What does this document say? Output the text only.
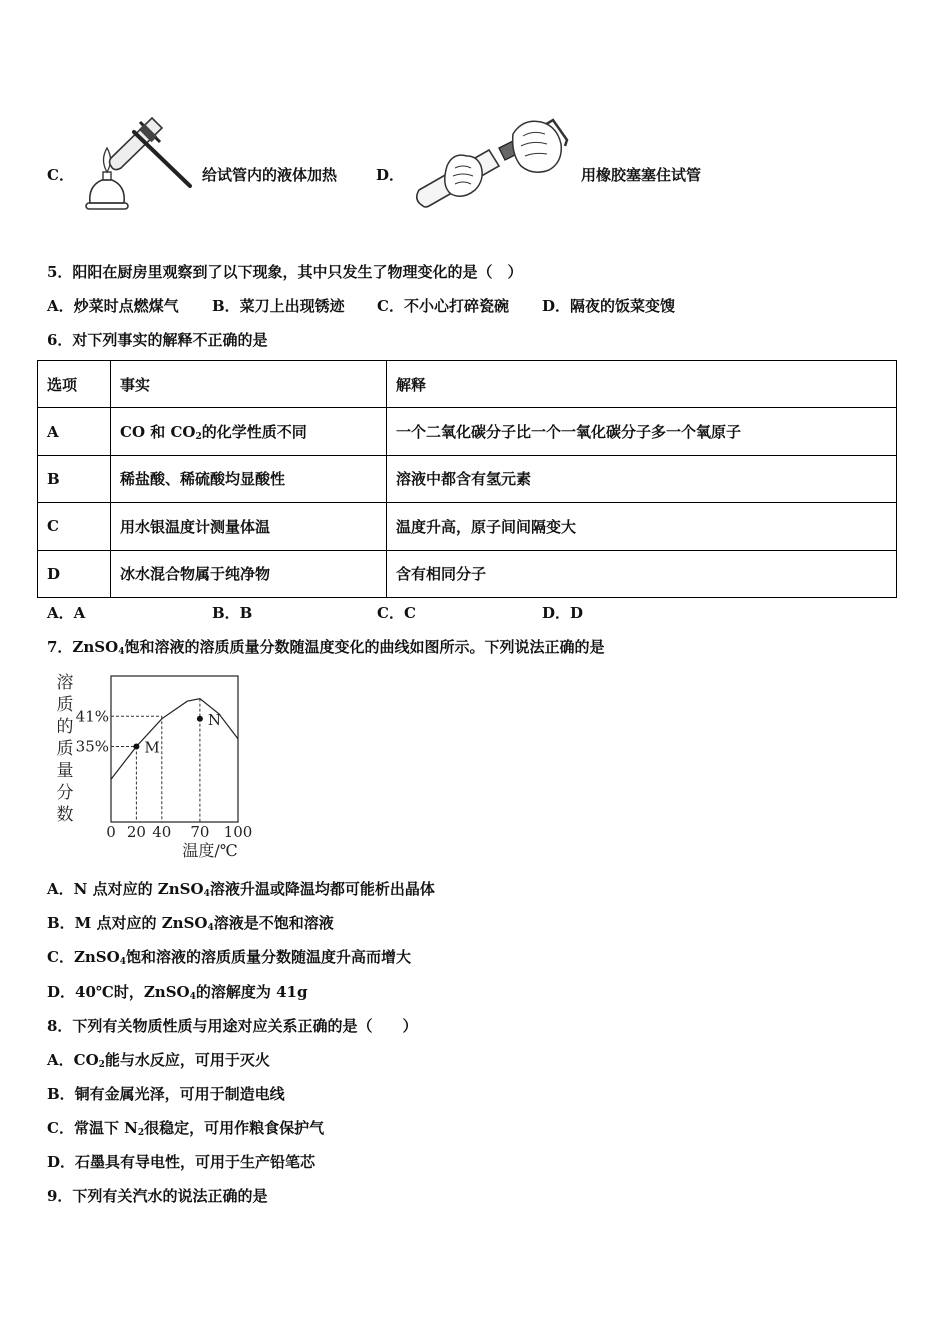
C．	给试管内的液体加热	D．	用橡胶塞塞住试管
5．阳阳在厨房里观察到了以下现象，其中只发生了物理变化的是（　）
A．炒菜时点燃煤气 B．菜刀上出现锈迹 C．不小心打碎瓷碗 D．隔夜的饭菜变馊
6．对下列事实的解释不正确的是
选项	事实	解释
A	CO 和 $CO_2$的化学性质不同	一个二氧化碳分子比一个一氧化碳分子多一个氧原子
B	稀盐酸、稀硫酸均显酸性	溶液中都含有氢元素
C	用水银温度计测量体温	温度升高，原子间间隔变大
D	冰水混合物属于纯净物	含有相同分子
A．A	B．B	C．C	D．D
7．ZnSO$_4$饱和溶液的溶质质量分数随温度变化的曲线如图所示。下列说法正确的是
溶质的质量分数
M
N
35%
41%
0 20 40 70 100
温度/℃
A．N 点对应的 ZnSO$_4$溶液升温或降温均都可能析出晶体
B．M 点对应的 ZnSO$_4$溶液是不饱和溶液
C．ZnSO$_4$饱和溶液的溶质质量分数随温度升高而增大
D．40℃时，ZnSO$_4$的溶解度为 41g
8．下列有关物质性质与用途对应关系正确的是（　　）
A．$CO_2$能与水反应，可用于灭火
B．铜有金属光泽，可用于制造电线
C．常温下 $N_2$很稳定，可用作粮食保护气
D．石墨具有导电性，可用于生产铅笔芯
9．下列有关汽水的说法正确的是
